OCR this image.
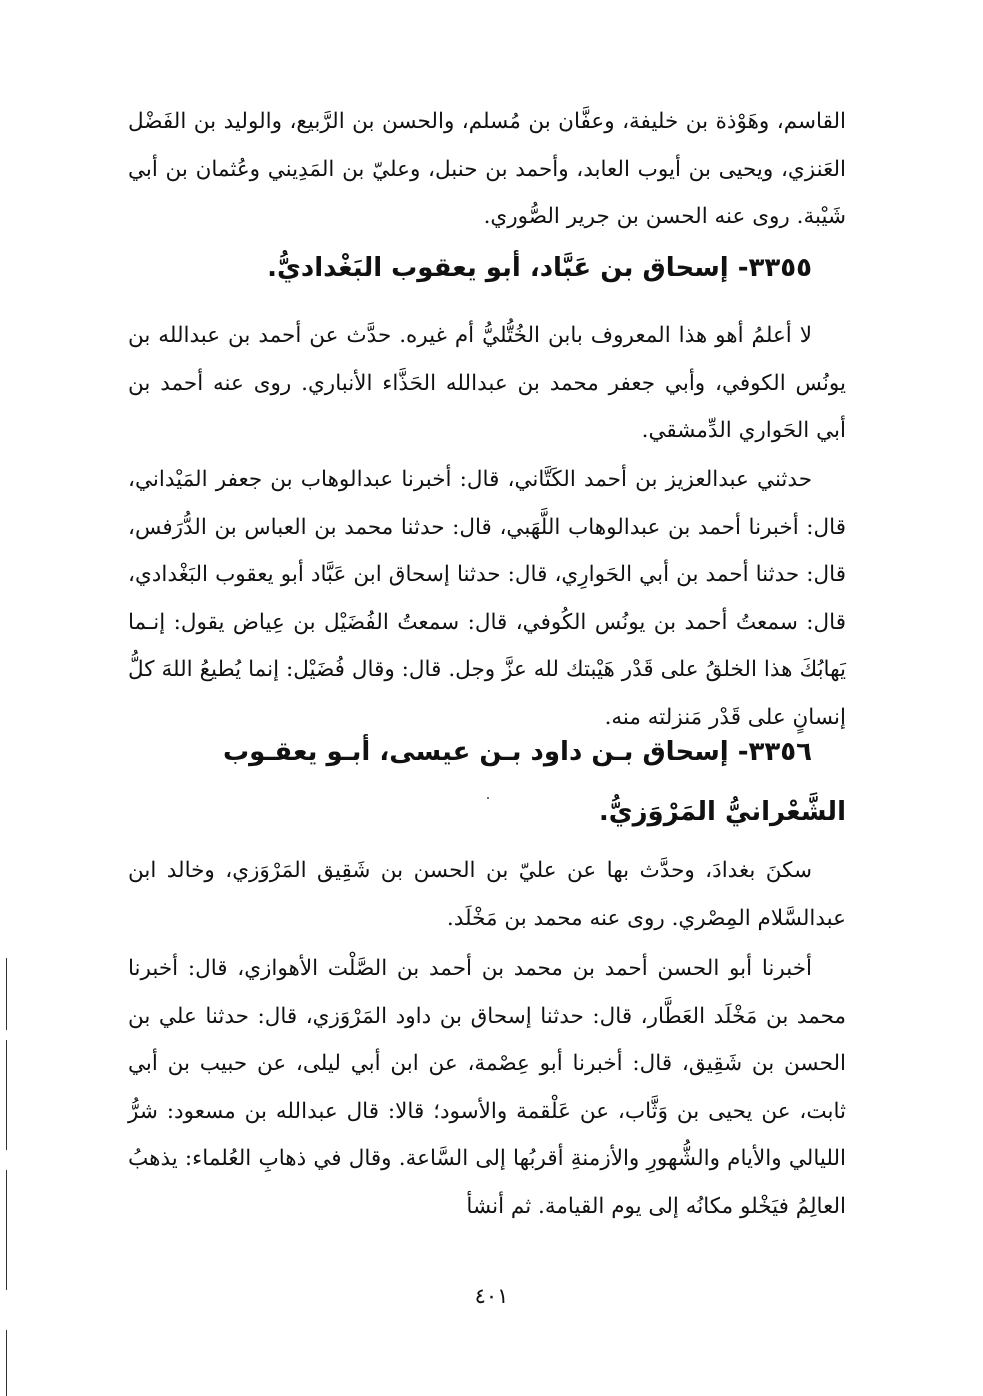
القاسم، وهَوْذة بن خليفة، وعفَّان بن مُسلم، والحسن بن الرَّبيع، والوليد بن الفَضْل العَنزي، ويحيى بن أيوب العابد، وأحمد بن حنبل، وعليّ بن المَدِيني وعُثمان بن أبي شَيْبة. روى عنه الحسن بن جرير الصُّوري.

٣٣٥٥- إسحاق بن عَبَّاد، أبو يعقوب البَغْداديُّ.

لا أعلمُ أهو هذا المعروف بابن الخُتُّليُّ أم غيره. حدَّث عن أحمد بن عبدالله بن يونُس الكوفي، وأبي جعفر محمد بن عبدالله الحَذَّاء الأنباري. روى عنه أحمد بن أبي الحَواري الدِّمشقي.

حدثني عبدالعزيز بن أحمد الكَتَّاني، قال: أخبرنا عبدالوهاب بن جعفر المَيْداني، قال: أخبرنا أحمد بن عبدالوهاب اللَّهَبي، قال: حدثنا محمد بن العباس بن الدُّرَفس، قال: حدثنا أحمد بن أبي الحَوارِي، قال: حدثنا إسحاق ابن عَبَّاد أبو يعقوب البَغْدادي، قال: سمعتُ أحمد بن يونُس الكُوفي، قال: سمعتُ الفُضَيْل بن عِياض يقول: إنـما يَهابُكَ هذا الخلقُ على قَدْر هَيْبتك لله عزَّ وجل. قال: وقال فُضَيْل: إنما يُطيعُ اللهَ كلُّ إنسانٍ على قَدْر مَنزلته منه.

٣٣٥٦- إسحاق بـن داود بـن عيسى، أبـو يعقـوب الشَّعْرانيُّ المَرْوَزيُّ.

سكنَ بغدادَ، وحدَّث بها عن عليّ بن الحسن بن شَقِيق المَرْوَزي، وخالد ابن عبدالسَّلام المِصْري. روى عنه محمد بن مَخْلَد.

أخبرنا أبو الحسن أحمد بن محمد بن أحمد بن الصَّلْت الأهوازي، قال: أخبرنا محمد بن مَخْلَد العَطَّار، قال: حدثنا إسحاق بن داود المَرْوَزي، قال: حدثنا علي بن الحسن بن شَقِيق، قال: أخبرنا أبو عِصْمة، عن ابن أبي ليلى، عن حبيب بن أبي ثابت، عن يحيى بن وَثَّاب، عن عَلْقمة والأسود؛ قالا: قال عبدالله بن مسعود: شرُّ الليالي والأيام والشُّهورِ والأزمنةِ أقربُها إلى السَّاعة. وقال في ذهابِ العُلماء: يذهبُ العالِمُ فيَخْلو مكانُه إلى يوم القيامة. ثم أنشأ

٤٠١
